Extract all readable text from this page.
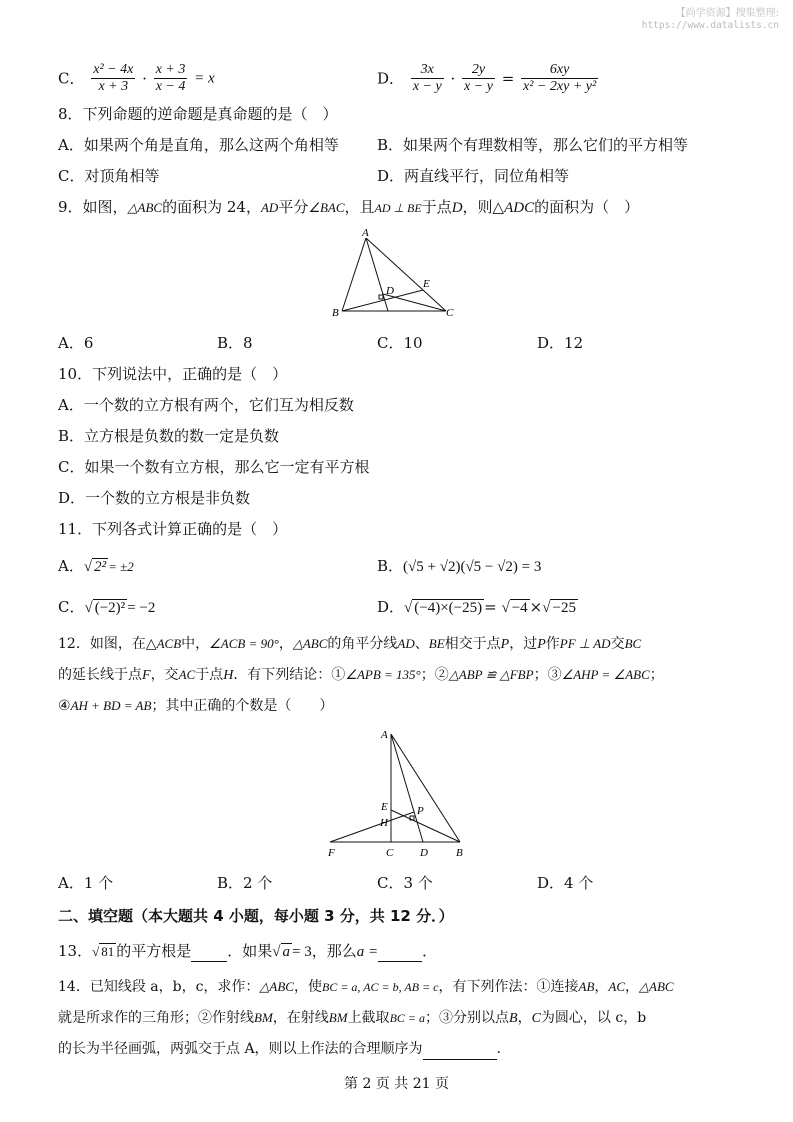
【尚学资源】搜集整理:
https://www.datalists.cn
C． $\frac{\text{x² − 4x}}{x + 3} \cdot \frac{x + 3}{x - 4} = x$	D． $\frac{3x}{x - y} \cdot \frac{2y}{x - y} = \frac{6xy}{\text{x² − 2xy + y²}}$
8．下列命题的逆命题是真命题的是（　）
A．如果两个角是直角，那么这两个角相等	B．如果两个有理数相等，那么它们的平方相等
C．对顶角相等	D．两直线平行，同位角相等
9．如图，△ABC的面积为 24，AD平分∠BAC，且AD ⊥ BE于点D，则△ADC的面积为（　）
A
B	C
D
E
A．6	B．8	C．10	D．12
10．下列说法中，正确的是（　）
A．一个数的立方根有两个，它们互为相反数
B．立方根是负数的数一定是负数
C．如果一个数有立方根，那么它一定有平方根
D．一个数的立方根是非负数
11．下列各式计算正确的是（　）
A．√ 2² = ±2	B．(√5 + √2)(√5 − √2) = 3
C．√ (−2)² = −2	D．√ (−4)×(−25) = √ −4 ×√ −25
12．如图，在△ACB中，∠ACB = 90°，△ABC的角平分线AD、BE相交于点P，过P作PF ⊥ AD交BC
的延长线于点F，交AC于点H．有下列结论：①∠APB = 135°；②△ABP ≌ △FBP；③∠AHP = ∠ABC；
④AH + BD = AB；其中正确的个数是（　　）
A
E	P
H
F	C D	B
A．1 个	B．2 个	C．3 个	D．4 个
二、填空题（本大题共 4 小题，每小题 3 分，共 12 分．）
13．√ 81 的平方根是 ．如果√ a = 3，那么a =	．
14．已知线段 a，b，c，求作：△ABC，使BC = a, AC = b, AB = c，有下列作法：①连接AB，AC，△ABC
就是所求作的三角形；②作射线BM，在射线BM上截取BC = a；③分别以点B，C为圆心，以 c，b
的长为半径画弧，两弧交于点 A，则以上作法的合理顺序为	．
第 2 页 共 21 页
